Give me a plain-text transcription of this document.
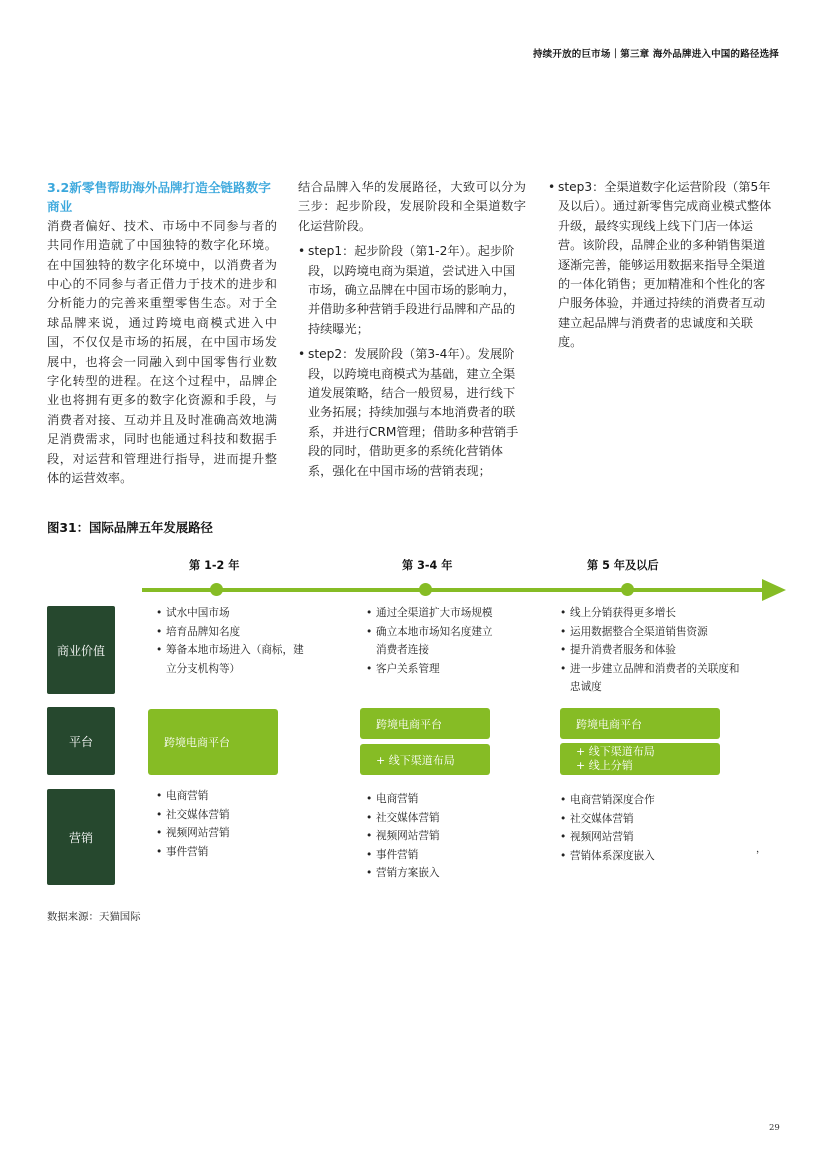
持续开放的巨市场｜第三章 海外品牌进入中国的路径选择
3.2新零售帮助海外品牌打造全链路数字商业
消费者偏好、技术、市场中不同参与者的共同作用造就了中国独特的数字化环境。在中国独特的数字化环境中，以消费者为中心的不同参与者正借力于技术的进步和分析能力的完善来重塑零售生态。对于全球品牌来说，通过跨境电商模式进入中国，不仅仅是市场的拓展，在中国市场发展中，也将会一同融入到中国零售行业数字化转型的进程。在这个过程中，品牌企业也将拥有更多的数字化资源和手段，与消费者对接、互动并且及时准确高效地满足消费需求，同时也能通过科技和数据手段，对运营和管理进行指导，进而提升整体的运营效率。
结合品牌入华的发展路径，大致可以分为三步：起步阶段，发展阶段和全渠道数字化运营阶段。
• step1：起步阶段（第1-2年）。起步阶段，以跨境电商为渠道，尝试进入中国市场，确立品牌在中国市场的影响力，并借助多种营销手段进行品牌和产品的持续曝光；
• step2：发展阶段（第3-4年）。发展阶段，以跨境电商模式为基础，建立全渠道发展策略，结合一般贸易，进行线下业务拓展；持续加强与本地消费者的联系，并进行CRM管理；借助多种营销手段的同时，借助更多的系统化营销体系，强化在中国市场的营销表现；
• step3：全渠道数字化运营阶段（第5年及以后）。通过新零售完成商业模式整体升级，最终实现线上线下门店一体运营。该阶段，品牌企业的多种销售渠道逐渐完善，能够运用数据来指导全渠道的一体化销售；更加精准和个性化的客户服务体验，并通过持续的消费者互动建立起品牌与消费者的忠诚度和关联度。
图31：国际品牌五年发展路径
第 1-2 年	第 3-4 年	第 5 年及以后
商业价值
平台
营销
• 试水中国市场
• 培育品牌知名度
• 筹备本地市场进入（商标，建立分支机构等）
• 通过全渠道扩大市场规模
• 确立本地市场知名度建立消费者连接
• 客户关系管理
• 线上分销获得更多增长
• 运用数据整合全渠道销售资源
• 提升消费者服务和体验
• 进一步建立品牌和消费者的关联度和忠诚度
跨境电商平台
跨境电商平台
+ 线下渠道布局
跨境电商平台
+ 线下渠道布局
+ 线上分销
• 电商营销
• 社交媒体营销
• 视频网站营销
• 事件营销
• 电商营销
• 社交媒体营销
• 视频网站营销
• 事件营销
• 营销方案嵌入
• 电商营销深度合作
• 社交媒体营销
• 视频网站营销
• 营销体系深度嵌入
，
数据来源：天猫国际
29
